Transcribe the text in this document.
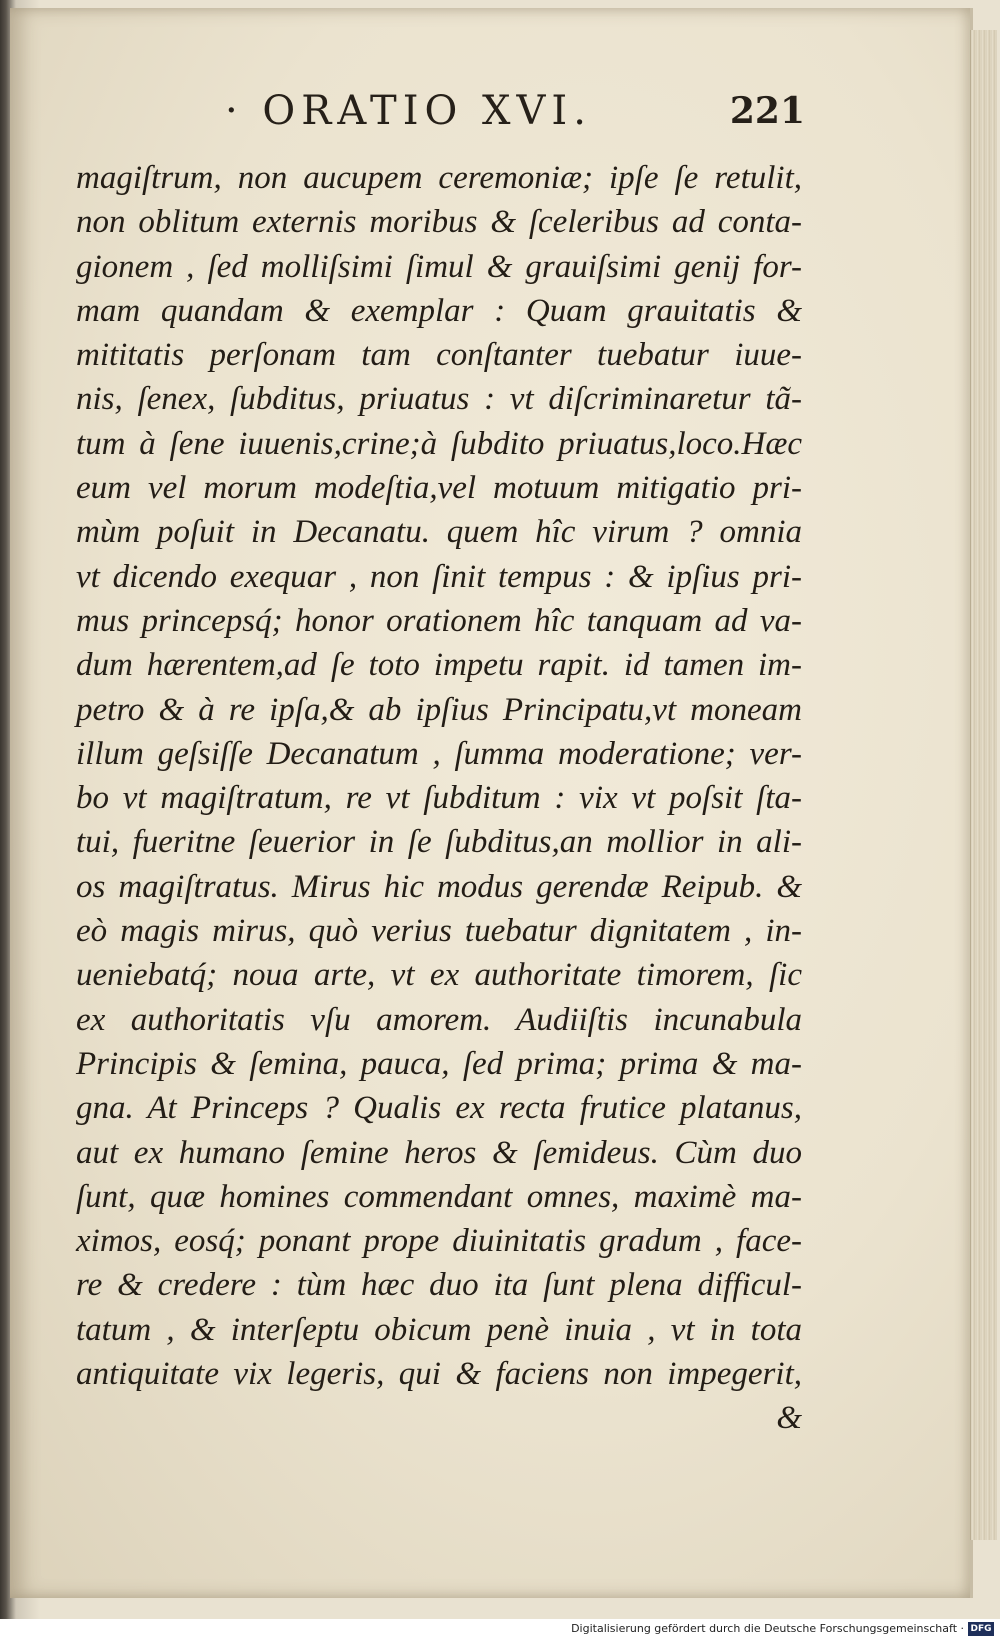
· ORATIO XVI.	221
magiſtrum, non aucupem ceremoniæ; ipſe ſe retulit,
non oblitum externis moribus & ſceleribus ad conta-
gionem , ſed molliſsimi ſimul & grauiſsimi genij for-
mam quandam & exemplar : Quam grauitatis &
mititatis perſonam tam conſtanter tuebatur iuue-
nis, ſenex, ſubditus, priuatus : vt diſcriminaretur tã-
tum à ſene iuuenis,crine;à ſubdito priuatus,loco.Hæc
eum vel morum modeſtia,vel motuum mitigatio pri-
mùm poſuit in Decanatu. quem hîc virum ? omnia
vt dicendo exequar , non ſinit tempus : & ipſius pri-
mus princepsq́; honor orationem hîc tanquam ad va-
dum hærentem,ad ſe toto impetu rapit. id tamen im-
petro & à re ipſa,& ab ipſius Principatu,vt moneam
illum geſsiſſe Decanatum , ſumma moderatione; ver-
bo vt magiſtratum, re vt ſubditum : vix vt poſsit ſta-
tui, fueritne ſeuerior in ſe ſubditus,an mollior in ali-
os magiſtratus. Mirus hic modus gerendæ Reipub. &
eò magis mirus, quò verius tuebatur dignitatem , in-
ueniebatq́; noua arte, vt ex authoritate timorem, ſic
ex authoritatis vſu amorem. Audiiſtis incunabula
Principis & ſemina, pauca, ſed prima; prima & ma-
gna. At Princeps ? Qualis ex recta frutice platanus,
aut ex humano ſemine heros & ſemideus. Cùm duo
ſunt, quæ homines commendant omnes, maximè ma-
ximos, eosq́; ponant prope diuinitatis gradum , face-
re & credere : tùm hæc duo ita ſunt plena difficul-
tatum , & interſeptu obicum penè inuia , vt in tota
antiquitate vix legeris, qui & faciens non impegerit,
&
Digitalisierung gefördert durch die Deutsche Forschungsgemeinschaft · DFG
